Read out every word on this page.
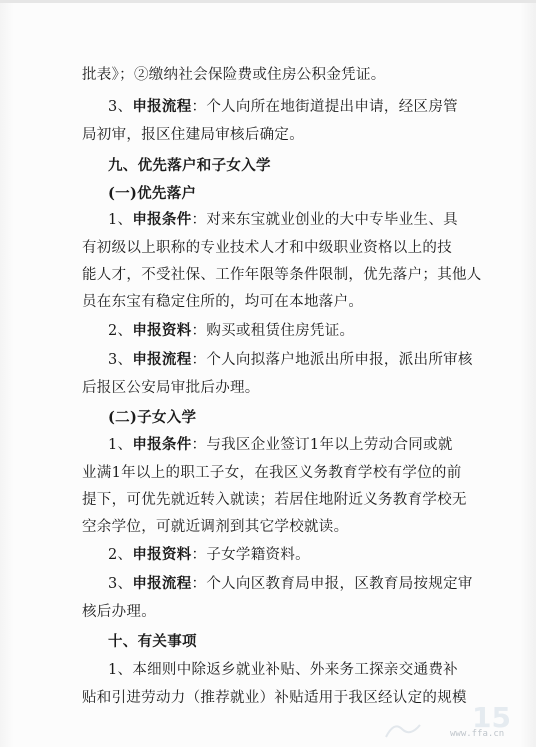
批表》；②缴纳社会保险费或住房公积金凭证。
3、申报流程：个人向所在地街道提出申请，经区房管
局初审，报区住建局审核后确定。
九、优先落户和子女入学
(一)优先落户
1、申报条件：对来东宝就业创业的大中专毕业生、具
有初级以上职称的专业技术人才和中级职业资格以上的技
能人才，不受社保、工作年限等条件限制，优先落户；其他人
员在东宝有稳定住所的，均可在本地落户。
2、申报资料：购买或租赁住房凭证。
3、申报流程：个人向拟落户地派出所申报，派出所审核
后报区公安局审批后办理。
(二)子女入学
1、申报条件：与我区企业签订1年以上劳动合同或就
业满1年以上的职工子女，在我区义务教育学校有学位的前
提下，可优先就近转入就读；若居住地附近义务教育学校无
空余学位，可就近调剂到其它学校就读。
2、申报资料：子女学籍资料。
3、申报流程：个人向区教育局申报，区教育局按规定审
核后办理。
十、有关事项
1、本细则中除返乡就业补贴、外来务工探亲交通费补
贴和引进劳动力（推荐就业）补贴适用于我区经认定的规模
15
www.ffa.cn
